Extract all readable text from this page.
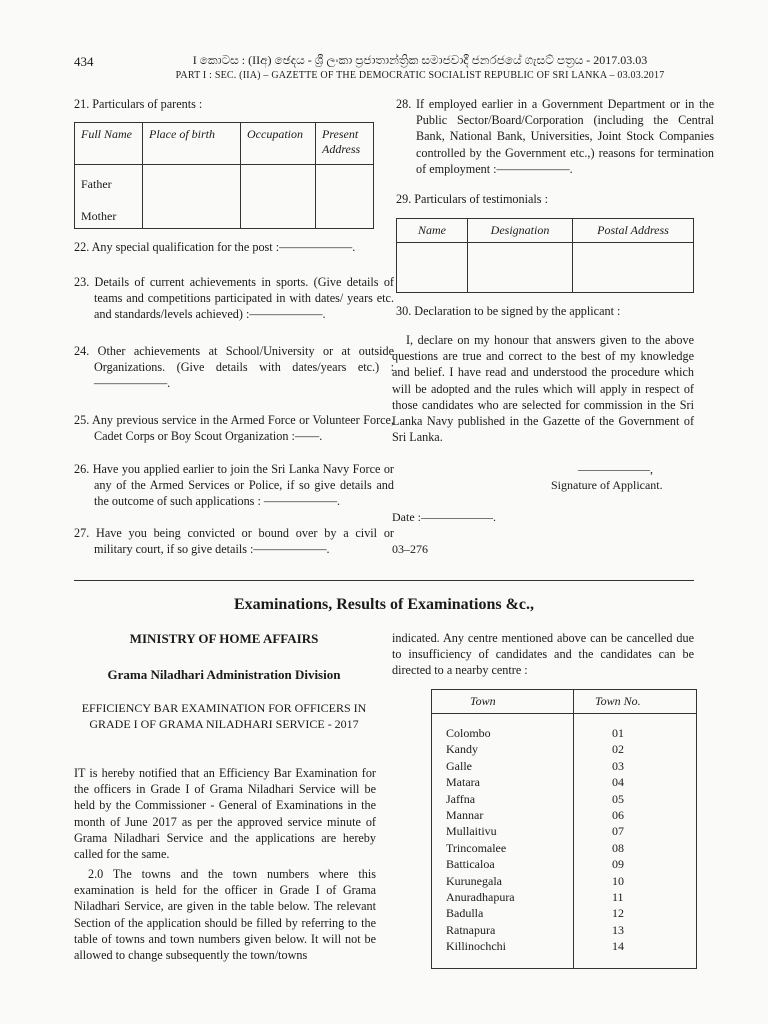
434	I කොටස : (IIඅ) ඡෙදය - ශ්‍රී ලංකා ප්‍රජාතාන්ත්‍රික සමාජවාදී ජනරජයේ ගැසට් පත්‍රය - 2017.03.03
PART I : SEC. (IIA) – GAZETTE OF THE DEMOCRATIC SOCIALIST REPUBLIC OF SRI LANKA – 03.03.2017
21. Particulars of parents :
Full Name	Place of birth	Occupation	Present Address

Father
Mother			

22. Any special qualification for the post :——————.
23. Details of current achievements in sports. (Give details of teams and competitions participated in with dates/ years etc. and standards/levels achieved) :——————.
24. Other achievements at School/University or at outside Organizations. (Give details with dates/years etc.) : ——————.
25. Any previous service in the Armed Force or Volunteer Force, Cadet Corps or Boy Scout Organization :——.
26. Have you applied earlier to join the Sri Lanka Navy Force or any of the Armed Services or Police, if so give details and the outcome of such applications : ——————.
27. Have you being convicted or bound over by a civil or military court, if so give details :——————.
28. If employed earlier in a Government Department or in the Public Sector/Board/Corporation (including the Central Bank, National Bank, Universities, Joint Stock Companies controlled by the Government etc.,) reasons for termination of employment :——————.
29. Particulars of testimonials :
Name	Designation	Postal Address

30. Declaration to be signed by the applicant :
I, declare on my honour that answers given to the above questions are true and correct to the best of my knowledge and belief. I have read and understood the procedure which will be adopted and the rules which will apply in respect of those candidates who are selected for commission in the Sri Lanka Navy published in the Gazette of the Government of Sri Lanka.
——————,
Signature of Applicant.
Date :——————.
03–276
Examinations, Results of Examinations &c.,
MINISTRY OF HOME AFFAIRS
Grama Niladhari Administration Division
EFFICIENCY BAR EXAMINATION FOR OFFICERS IN GRADE I OF GRAMA NILADHARI SERVICE - 2017
IT is hereby notified that an Efficiency Bar Examination for the officers in Grade I of Grama Niladhari Service will be held by the Commissioner - General of Examinations in the month of June 2017 as per the approved service minute of Grama Niladhari Service and the applications are hereby called for the same.
2.0 The towns and the town numbers where this examination is held for the officer in Grade I of Grama Niladhari Service, are given in the table below. The relevant Section of the application should be filled by referring to the table of towns and town numbers given below. It will not be allowed to change subsequently the town/towns
indicated. Any centre mentioned above can be cancelled due to insufficiency of candidates and the candidates can be directed to a nearby centre :
Town	Town No.
Colombo	01
Kandy	02
Galle	03
Matara	04
Jaffna	05
Mannar	06
Mullaitivu	07
Trincomalee	08
Batticaloa	09
Kurunegala	10
Anuradhapura	11
Badulla	12
Ratnapura	13
Killinochchi	14
